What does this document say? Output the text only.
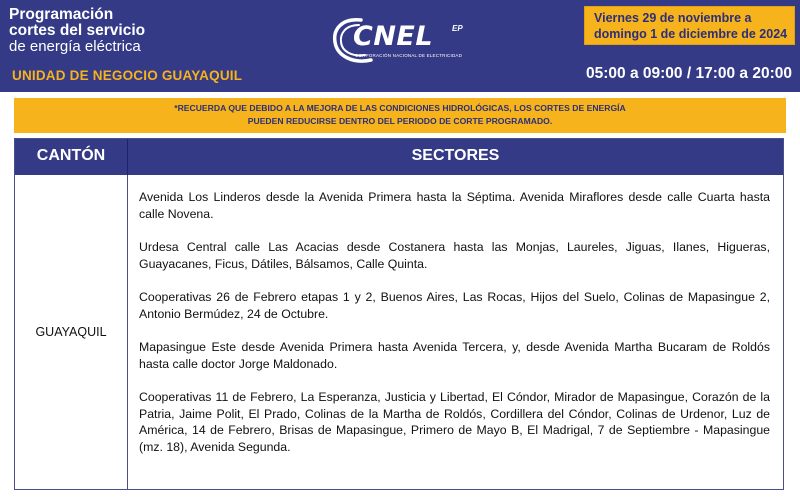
Programación
cortes del servicio
de energía eléctrica
UNIDAD DE NEGOCIO GUAYAQUIL
CNEL EP
CORPORACIÓN NACIONAL DE ELECTRICIDAD
Viernes 29 de noviembre a
domingo 1 de diciembre de 2024
05:00 a 09:00 / 17:00 a 20:00
*RECUERDA QUE DEBIDO A LA MEJORA DE LAS CONDICIONES HIDROLÓGICAS, LOS CORTES DE ENERGÍA
PUEDEN REDUCIRSE DENTRO DEL PERIODO DE CORTE PROGRAMADO.
CANTÓN	SECTORES
GUAYAQUIL

Avenida Los Linderos desde la Avenida Primera hasta la Séptima. Avenida Miraflores desde calle Cuarta hasta calle Novena.

Urdesa Central calle Las Acacias desde Costanera hasta las Monjas, Laureles, Jiguas, Ilanes, Higueras, Guayacanes, Ficus, Dátiles, Bálsamos, Calle Quinta.

Cooperativas 26 de Febrero etapas 1 y 2, Buenos Aires, Las Rocas, Hijos del Suelo, Colinas de Mapasingue 2, Antonio Bermúdez, 24 de Octubre.

Mapasingue Este desde Avenida Primera hasta Avenida Tercera, y, desde Avenida Martha Bucaram de Roldós hasta calle doctor Jorge Maldonado.

Cooperativas 11 de Febrero, La Esperanza, Justicia y Libertad, El Cóndor, Mirador de Mapasingue, Corazón de la Patria, Jaime Polit, El Prado, Colinas de la Martha de Roldós, Cordillera del Cóndor, Colinas de Urdenor, Luz de América, 14 de Febrero, Brisas de Mapasingue, Primero de Mayo B, El Madrigal, 7 de Septiembre - Mapasingue (mz. 18), Avenida Segunda.
